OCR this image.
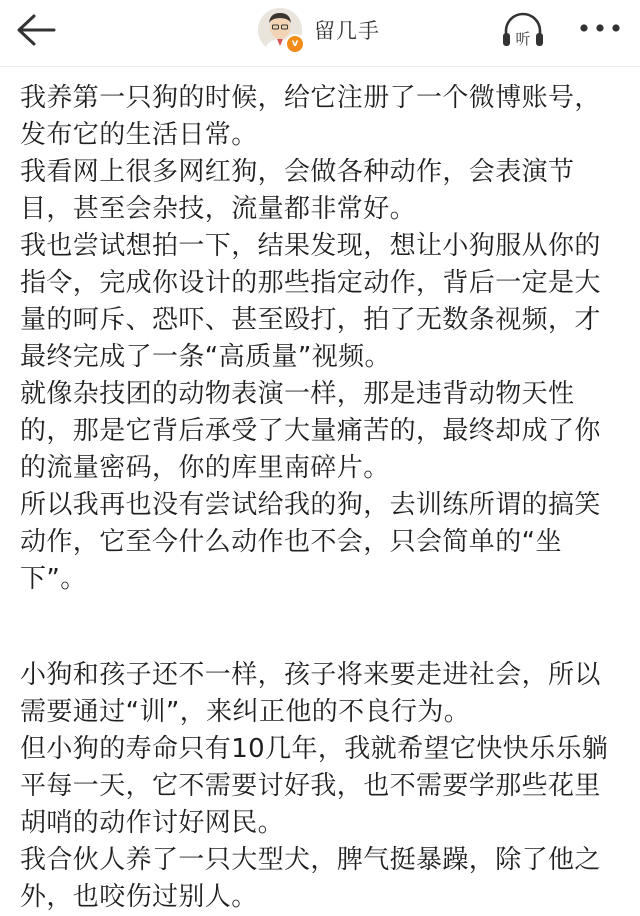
v
留几手	听

我养第一只狗的时候，给它注册了一个微博账号，发布它的生活日常。

我看网上很多网红狗，会做各种动作，会表演节目，甚至会杂技，流量都非常好。

我也尝试想拍一下，结果发现，想让小狗服从你的指令，完成你设计的那些指定动作，背后一定是大量的呵斥、恐吓、甚至殴打，拍了无数条视频，才最终完成了一条“高质量”视频。

就像杂技团的动物表演一样，那是违背动物天性的，那是它背后承受了大量痛苦的，最终却成了你的流量密码，你的库里南碎片。

所以我再也没有尝试给我的狗，去训练所谓的搞笑动作，它至今什么动作也不会，只会简单的“坐下”。

小狗和孩子还不一样，孩子将来要走进社会，所以需要通过“训”，来纠正他的不良行为。

但小狗的寿命只有10几年，我就希望它快快乐乐躺平每一天，它不需要讨好我，也不需要学那些花里胡哨的动作讨好网民。

我合伙人养了一只大型犬，脾气挺暴躁，除了他之外，也咬伤过别人。
